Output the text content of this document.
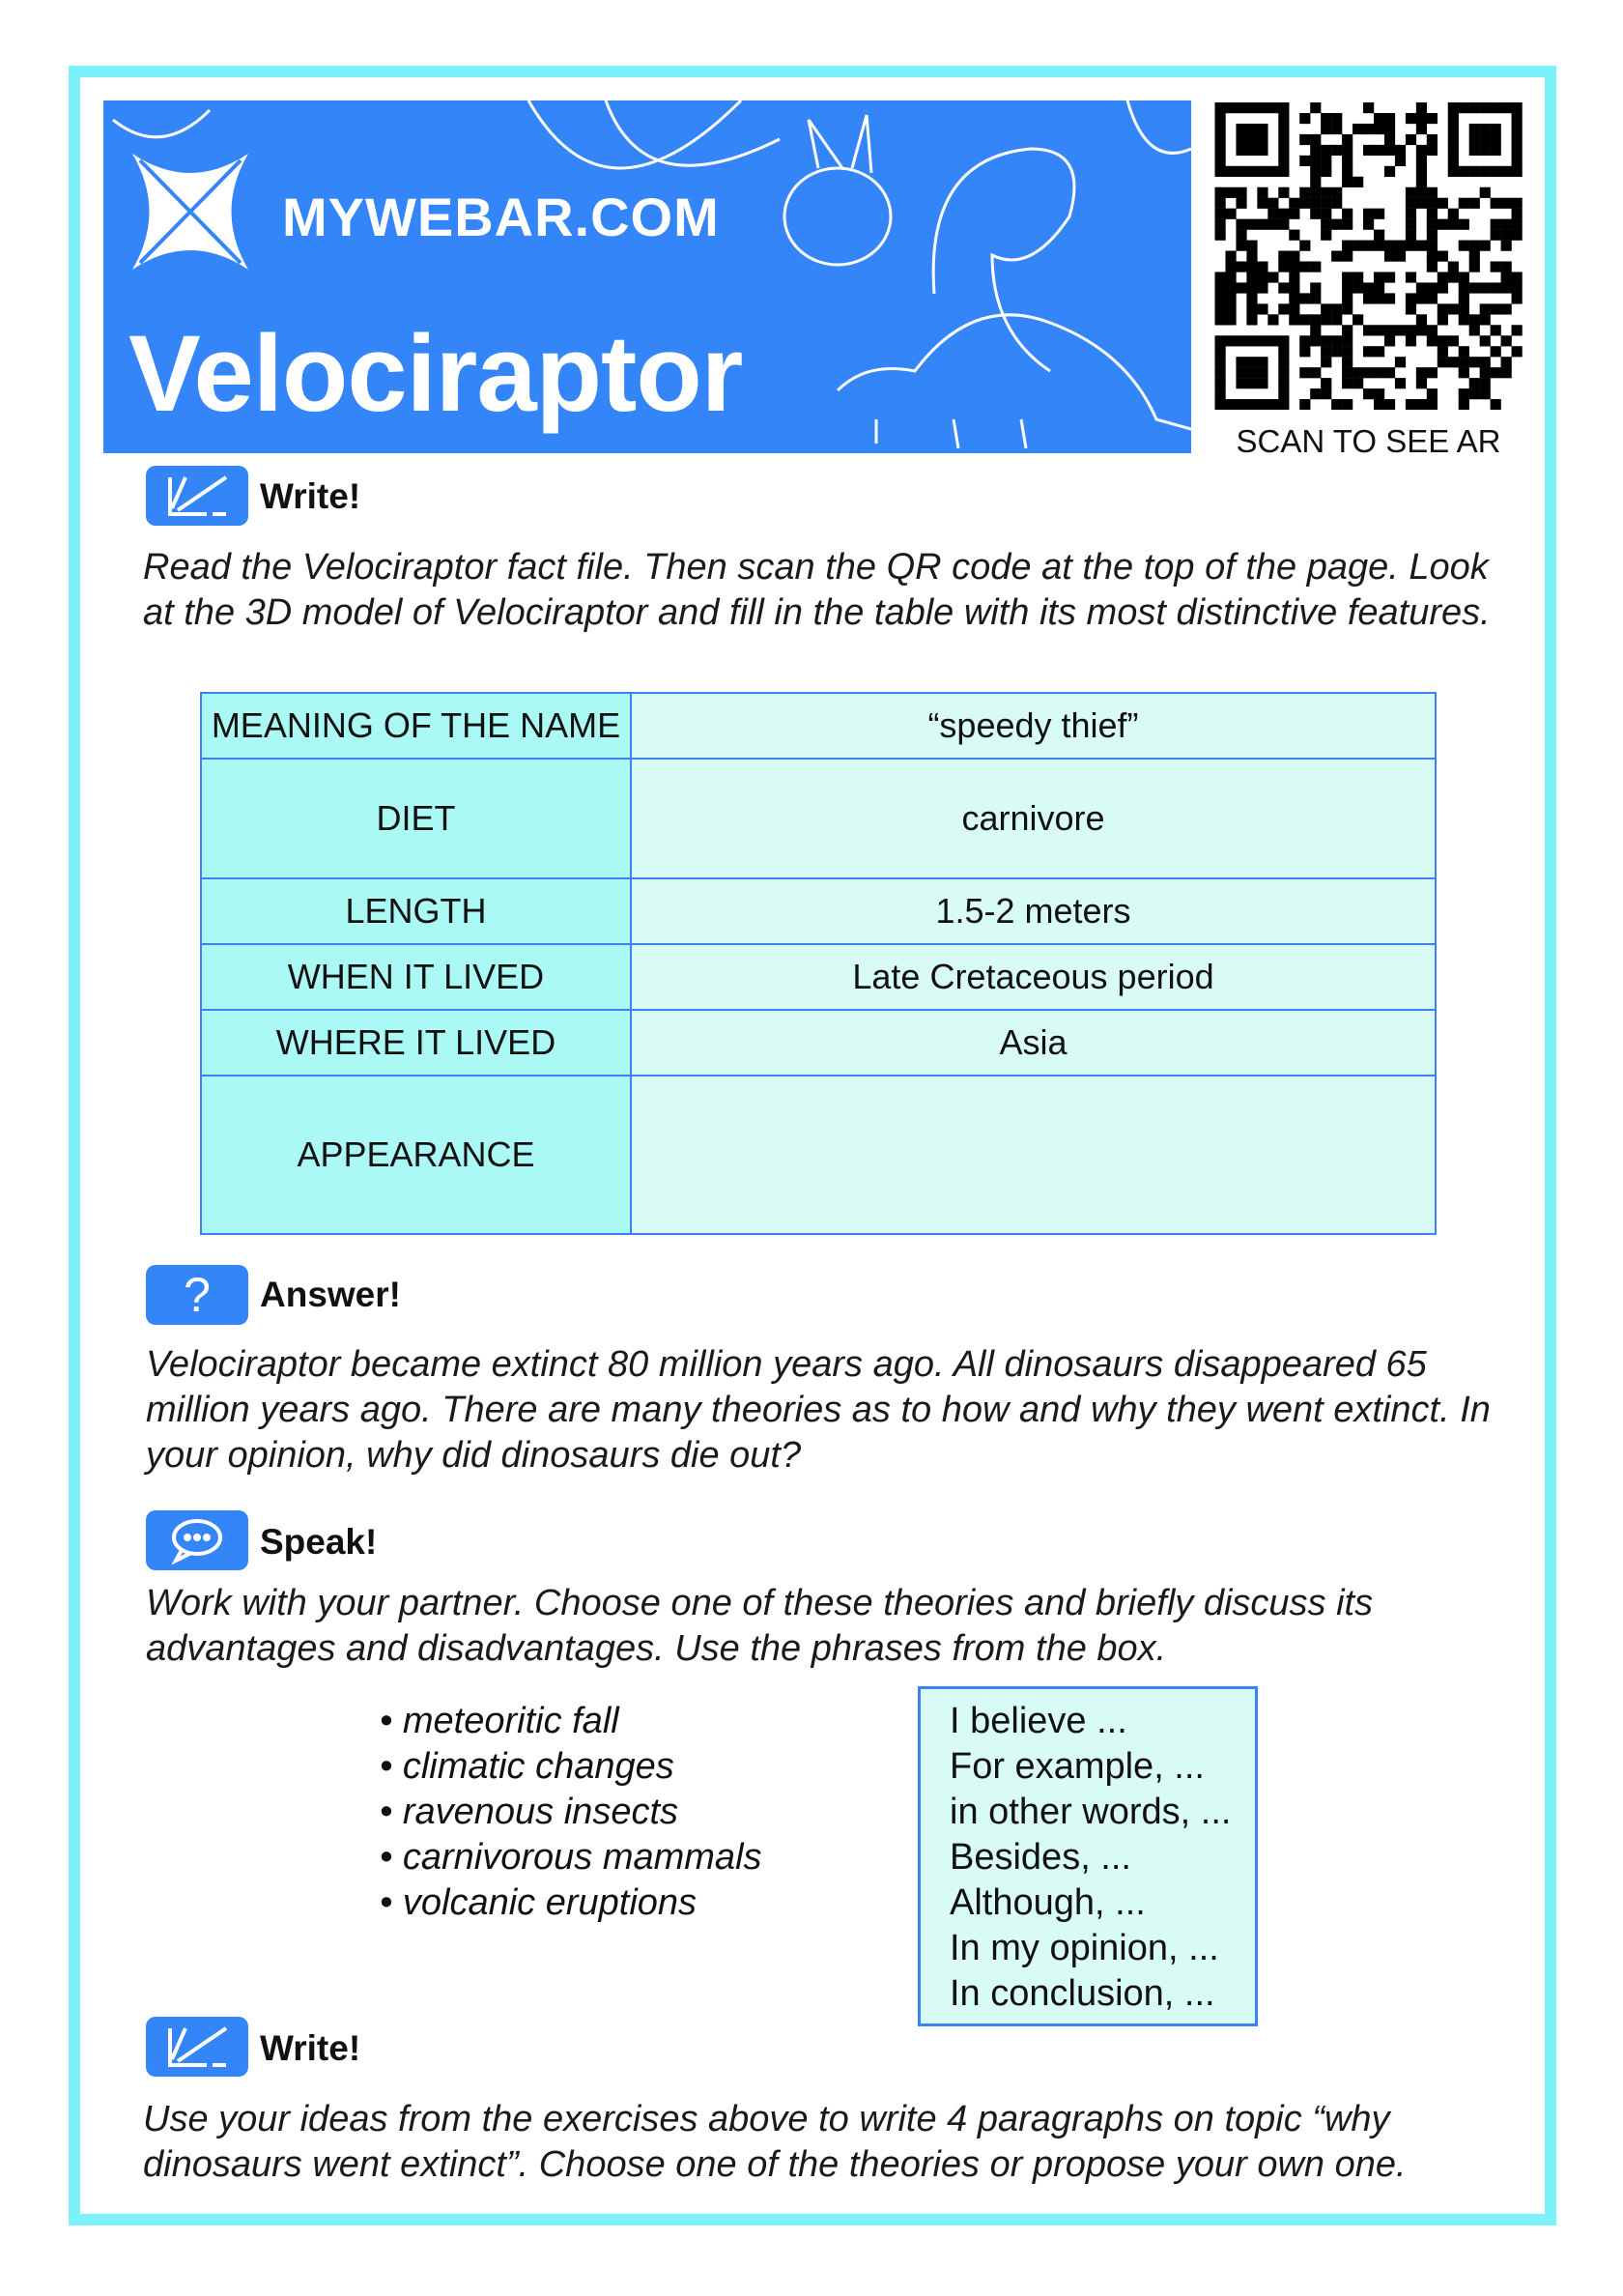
MYWEBAR.COM
Velociraptor
SCAN TO SEE AR
Write!
Read the Velociraptor fact file. Then scan the QR code at the top of the page. Look at the 3D model of Velociraptor and fill in the table with its most distinctive features.
MEANING OF THE NAME	“speedy thief”
DIET	carnivore
LENGTH	1.5-2 meters
WHEN IT LIVED	Late Cretaceous period
WHERE IT LIVED	Asia
APPEARANCE	
?	Answer!
Velociraptor became extinct 80 million years ago. All dinosaurs disappeared 65 million years ago. There are many theories as to how and why they went extinct. In your opinion, why did dinosaurs die out?
Speak!
Work with your partner. Choose one of these theories and briefly discuss its advantages and disadvantages. Use the phrases from the box.
• meteoritic fall
• climatic changes
• ravenous insects
• carnivorous mammals
• volcanic eruptions
I believe ...
For example, ...
in other words, ...
Besides, ...
Although, ...
In my opinion, ...
In conclusion, ...
Write!
Use your ideas from the exercises above to write 4 paragraphs on topic “why dinosaurs went extinct”. Choose one of the theories or propose your own one.
